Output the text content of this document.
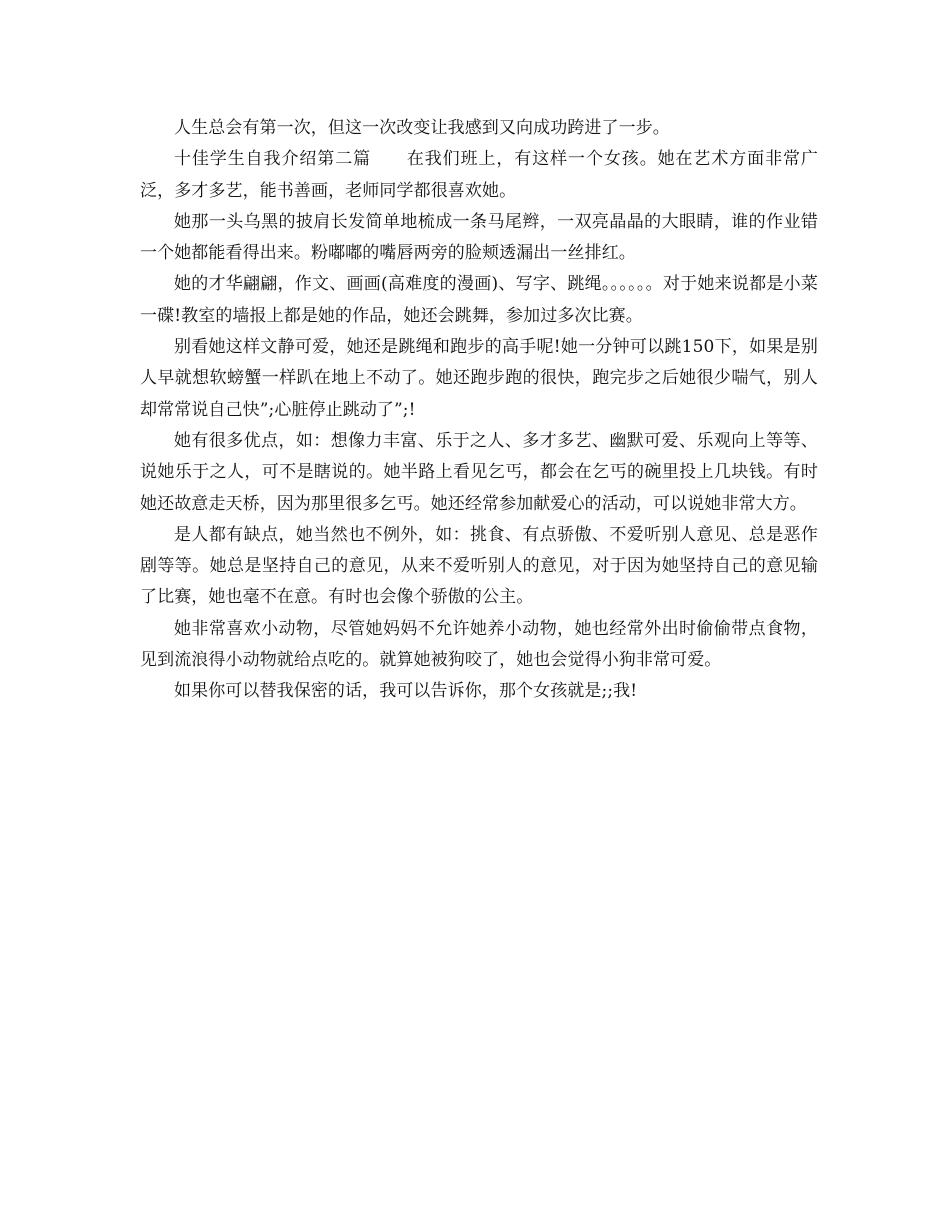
人生总会有第一次，但这一次改变让我感到又向成功跨进了一步。

十佳学生自我介绍第二篇　　在我们班上，有这样一个女孩。她在艺术方面非常广泛，多才多艺，能书善画，老师同学都很喜欢她。

她那一头乌黑的披肩长发简单地梳成一条马尾辫，一双亮晶晶的大眼睛，谁的作业错一个她都能看得出来。粉嘟嘟的嘴唇两旁的脸颊透漏出一丝排红。

她的才华翩翩，作文、画画(高难度的漫画)、写字、跳绳。。。。。。对于她来说都是小菜一碟!教室的墙报上都是她的作品，她还会跳舞，参加过多次比赛。

别看她这样文静可爱，她还是跳绳和跑步的高手呢!她一分钟可以跳150下，如果是别人早就想软螃蟹一样趴在地上不动了。她还跑步跑的很快，跑完步之后她很少喘气，别人却常常说自己快”;心脏停止跳动了”;!

她有很多优点，如：想像力丰富、乐于之人、多才多艺、幽默可爱、乐观向上等等、说她乐于之人，可不是瞎说的。她半路上看见乞丐，都会在乞丐的碗里投上几块钱。有时她还故意走天桥，因为那里很多乞丐。她还经常参加献爱心的活动，可以说她非常大方。

是人都有缺点，她当然也不例外，如：挑食、有点骄傲、不爱听别人意见、总是恶作剧等等。她总是坚持自己的意见，从来不爱听别人的意见，对于因为她坚持自己的意见输了比赛，她也毫不在意。有时也会像个骄傲的公主。

她非常喜欢小动物，尽管她妈妈不允许她养小动物，她也经常外出时偷偷带点食物，见到流浪得小动物就给点吃的。就算她被狗咬了，她也会觉得小狗非常可爱。

如果你可以替我保密的话，我可以告诉你，那个女孩就是;;我!
